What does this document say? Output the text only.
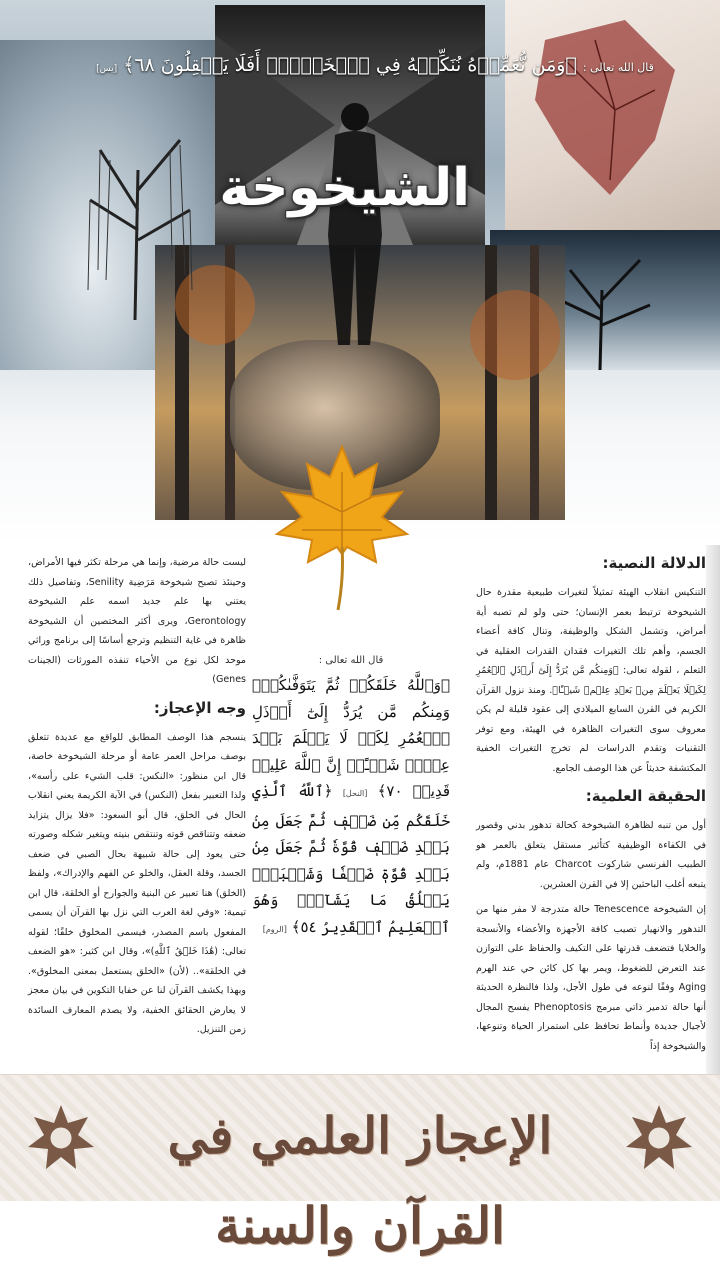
قال الله تعالى : ﴿وَمَن نُّعَمِّرۡهُ نُنَكِّسۡهُ فِي ٱلۡخَلۡقِۚ أَفَلَا يَعۡقِلُونَ ٦٨﴾ [يس]
الشيخوخة
الدلالة النصية:

التنكيس انقلاب الهيئة تمثيلاً لتغيرات طبيعية مقدرة حال الشيخوخة ترتبط بعمر الإنسان؛ حتى ولو لم تصبه أية أمراض، وتشمل الشكل والوظيفة، وتنال كافة أعضاء الجسم، وأهم تلك التغيرات فقدان القدرات العقلية في التعلم ، لقوله تعالى: ﴿وَمِنكُم مَّن يُرَدُّ إِلَىٰٓ أَرۡذَلِ ٱلۡعُمُرِ لِكَيۡلَا يَعۡلَمَ مِنۢ بَعۡدِ عِلۡمٖ شَيۡـًٔا﴾. ومنذ نزول القرآن الكريم في القرن السابع الميلادي إلى عقود قليلة لم يكن معروف سوى التغيرات الظاهرة في الهيئة، ومع توفر التقنيات وتقدم الدراسات لم تخرج التغيرات الخفية المكتشفة حديثاً عن هذا الوصف الجامع.

الحقيقة العلمية:

أول من تنبه لظاهرة الشيخوخة كحالة تدهور بدني وقصور في الكفاءة الوظيفية كتأثير مستقل يتعلق بالعمر هو الطبيب الفرنسي شاركوت Charcot عام 1881م، ولم يتبعه أغلب الباحثين إلا في القرن العشرين.

إن الشيخوخة Tenescence حالة متدرجة لا مفر منها من التدهور والانهيار تصيب كافة الأجهزة والأعضاء والأنسجة والخلايا فتضعف قدرتها على التكيف والحفاظ على التوازن عند التعرض للضغوط، ويمر بها كل كائن حي عند الهرم Aging وفقًا لنوعه في طول الأجل، ولذا فالنظرة الحديثة أنها حالة تدمير ذاتي مبرمج Phenoptosis يفسح المجال لأجيال جديدة وأنماط تحافظ على استمرار الحياة وتنوعها، والشيخوخة إذاً

قال الله تعالى :
﴿وَٱللَّهُ خَلَقَكُمۡ ثُمَّ يَتَوَفَّىٰكُمۡۚ وَمِنكُم مَّن يُرَدُّ إِلَىٰٓ أَرۡذَلِ ٱلۡعُمُرِ لِكَيۡ لَا يَعۡلَمَ بَعۡدَ عِلۡمٖ شَيۡـًٔاۚ إِنَّ ٱللَّهَ عَلِيمٞ قَدِيرٞ ٧٠﴾ [النحل] ﴿ٱللَّهُ ٱلَّذِي خَلَقَكُم مِّن ضَعۡفٖ ثُمَّ جَعَلَ مِنۢ بَعۡدِ ضَعۡفٖ قُوَّةٗ ثُمَّ جَعَلَ مِنۢ بَعۡدِ قُوَّةٖ ضَعۡفٗا وَشَيۡبَةٗۚ يَخۡلُقُ مَا يَشَآءُۚ وَهُوَ ٱلۡعَلِيمُ ٱلۡقَدِيرُ ٥٤﴾ [الروم]

ليست حالة مرضية، وإنما هي مرحلة تكثر فيها الأمراض، وحينئذ تصبح شيخوخة مَرَضِية Senility، وتفاصيل ذلك يعتني بها علم جديد اسمه علم الشيخوخة Gerontology، ويرى أكثر المختصين أن الشيخوخة ظاهرة في غاية التنظيم وترجع أساسًا إلى برنامج وراثي موحد لكل نوع من الأحياء تنفذه المورثات (الجينات Genes)

وجه الإعجاز:

ينسجم هذا الوصف المطابق للواقع مع عديدة تتعلق بوصف مراحل العمر عامة أو مرحلة الشيخوخة خاصة، قال ابن منظور: «النكس: قلب الشيء على رأسه»، ولذا التعبير بفعل (النكس) في الآية الكريمة يعني انقلاب الحال في الخلق، قال أبو السعود: «فلا يزال يتزايد ضعفه وتتناقص قوته وتنتقص بنيته ويتغير شكله وصورته حتى يعود إلى حالة شبيهة بحال الصبي في ضعف الجسد، وقلة العقل، والخلو عن الفهم والإدراك»، ولفظ (الخلق) هنا تعبير عن البنية والجوارح أو الخلقة، قال ابن تيمية: «وفي لغة العرب التي نزل بها القرآن أن يسمى المفعول باسم المصدر، فيسمى المخلوق خلقًا؛ لقوله تعالى: (هَٰذَا خَلۡقُ ٱللَّهِ)»، وقال ابن كثير: «هو الضعف في الخلقة».. (لأن) «الخلق يستعمل بمعنى المخلوق». وبهذا يكشف القرآن لنا عن خفايا التكوين في بيان معجز لا يعارض الحقائق الخفية، ولا يصدم المعارف السائدة زمن التنزيل.

الإعجاز العلمي في القرآن والسنة
